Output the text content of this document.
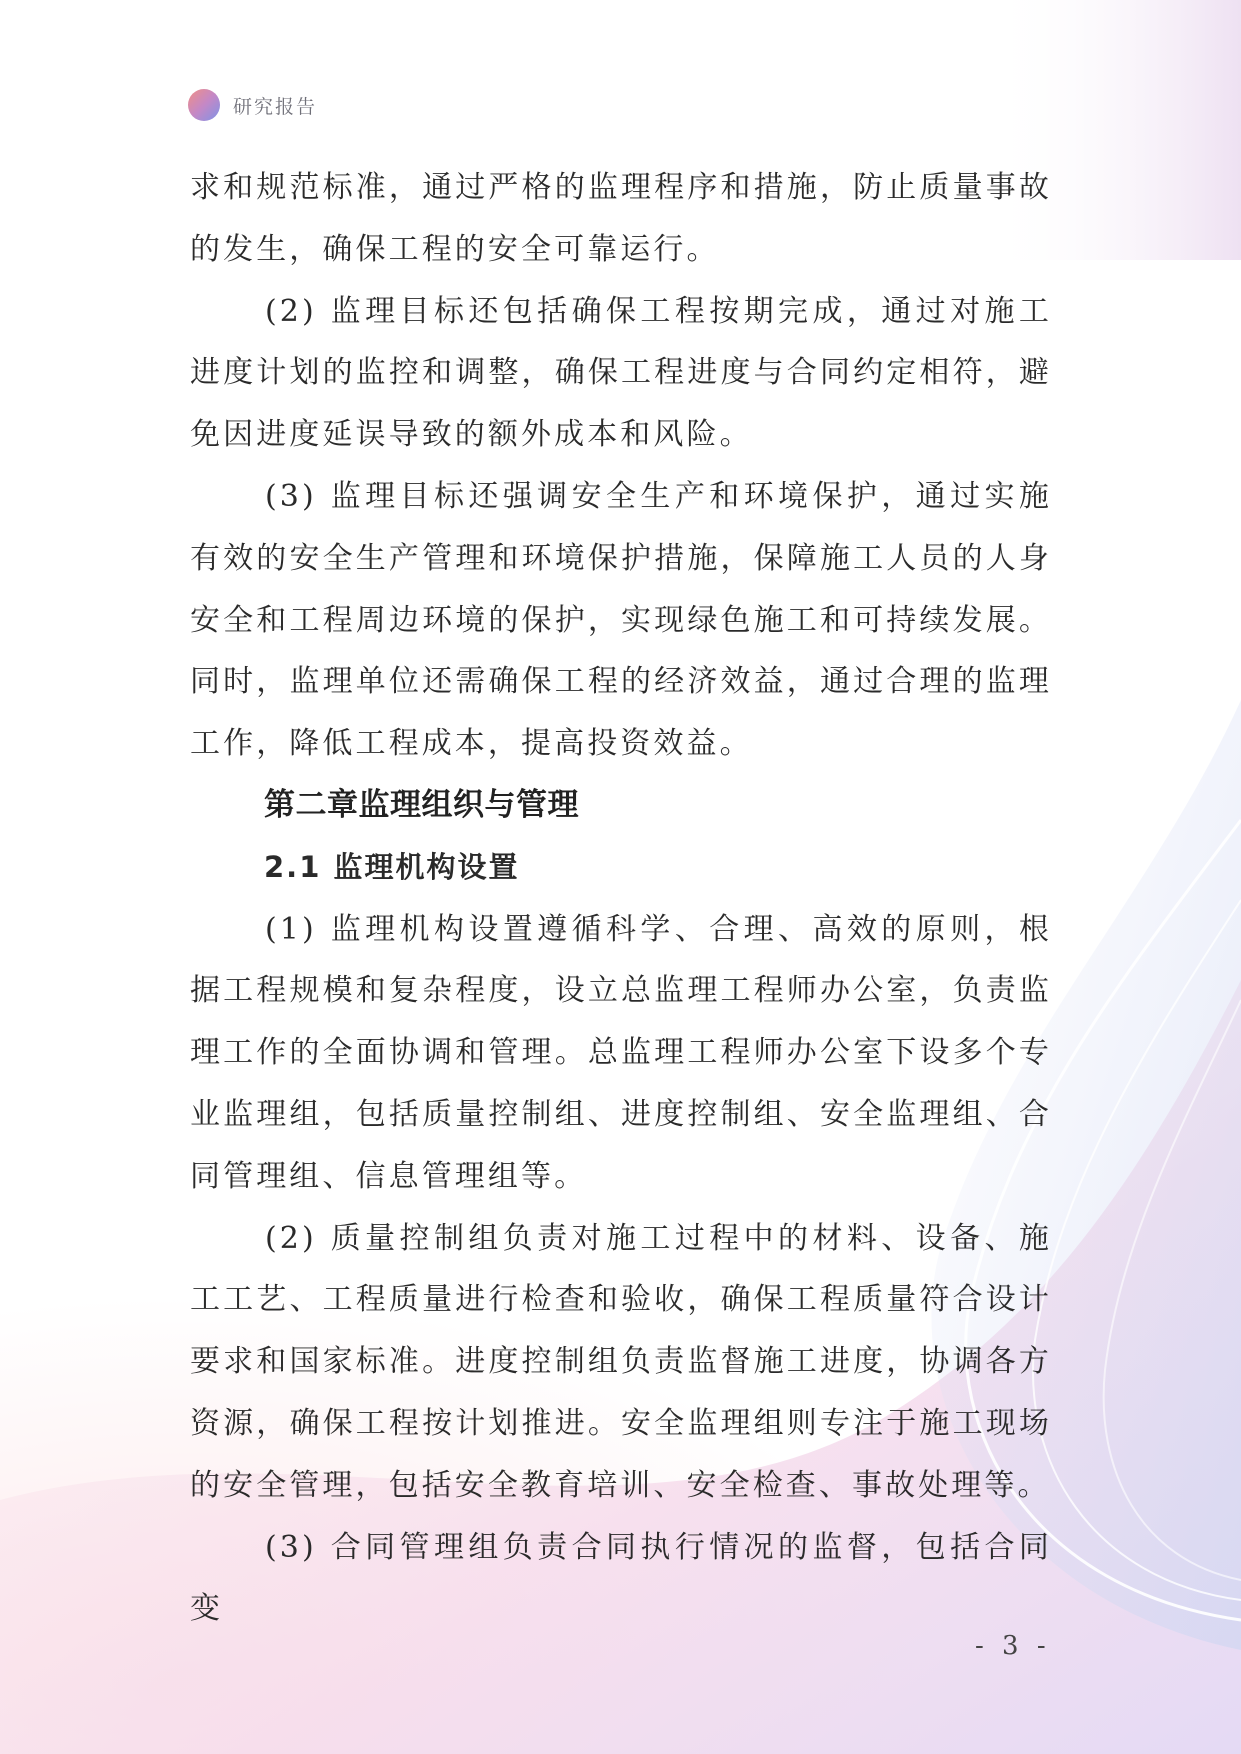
研究报告

求和规范标准，通过严格的监理程序和措施，防止质量事故的发生，确保工程的安全可靠运行。

(2) 监理目标还包括确保工程按期完成，通过对施工进度计划的监控和调整，确保工程进度与合同约定相符，避免因进度延误导致的额外成本和风险。

(3) 监理目标还强调安全生产和环境保护，通过实施有效的安全生产管理和环境保护措施，保障施工人员的人身安全和工程周边环境的保护，实现绿色施工和可持续发展。同时，监理单位还需确保工程的经济效益，通过合理的监理工作，降低工程成本，提高投资效益。

第二章监理组织与管理
2.1 监理机构设置

(1) 监理机构设置遵循科学、合理、高效的原则，根据工程规模和复杂程度，设立总监理工程师办公室，负责监理工作的全面协调和管理。总监理工程师办公室下设多个专业监理组，包括质量控制组、进度控制组、安全监理组、合同管理组、信息管理组等。

(2) 质量控制组负责对施工过程中的材料、设备、施工工艺、工程质量进行检查和验收，确保工程质量符合设计要求和国家标准。进度控制组负责监督施工进度，协调各方资源，确保工程按计划推进。安全监理组则专注于施工现场的安全管理，包括安全教育培训、安全检查、事故处理等。

(3) 合同管理组负责合同执行情况的监督，包括合同变

- 3 -
